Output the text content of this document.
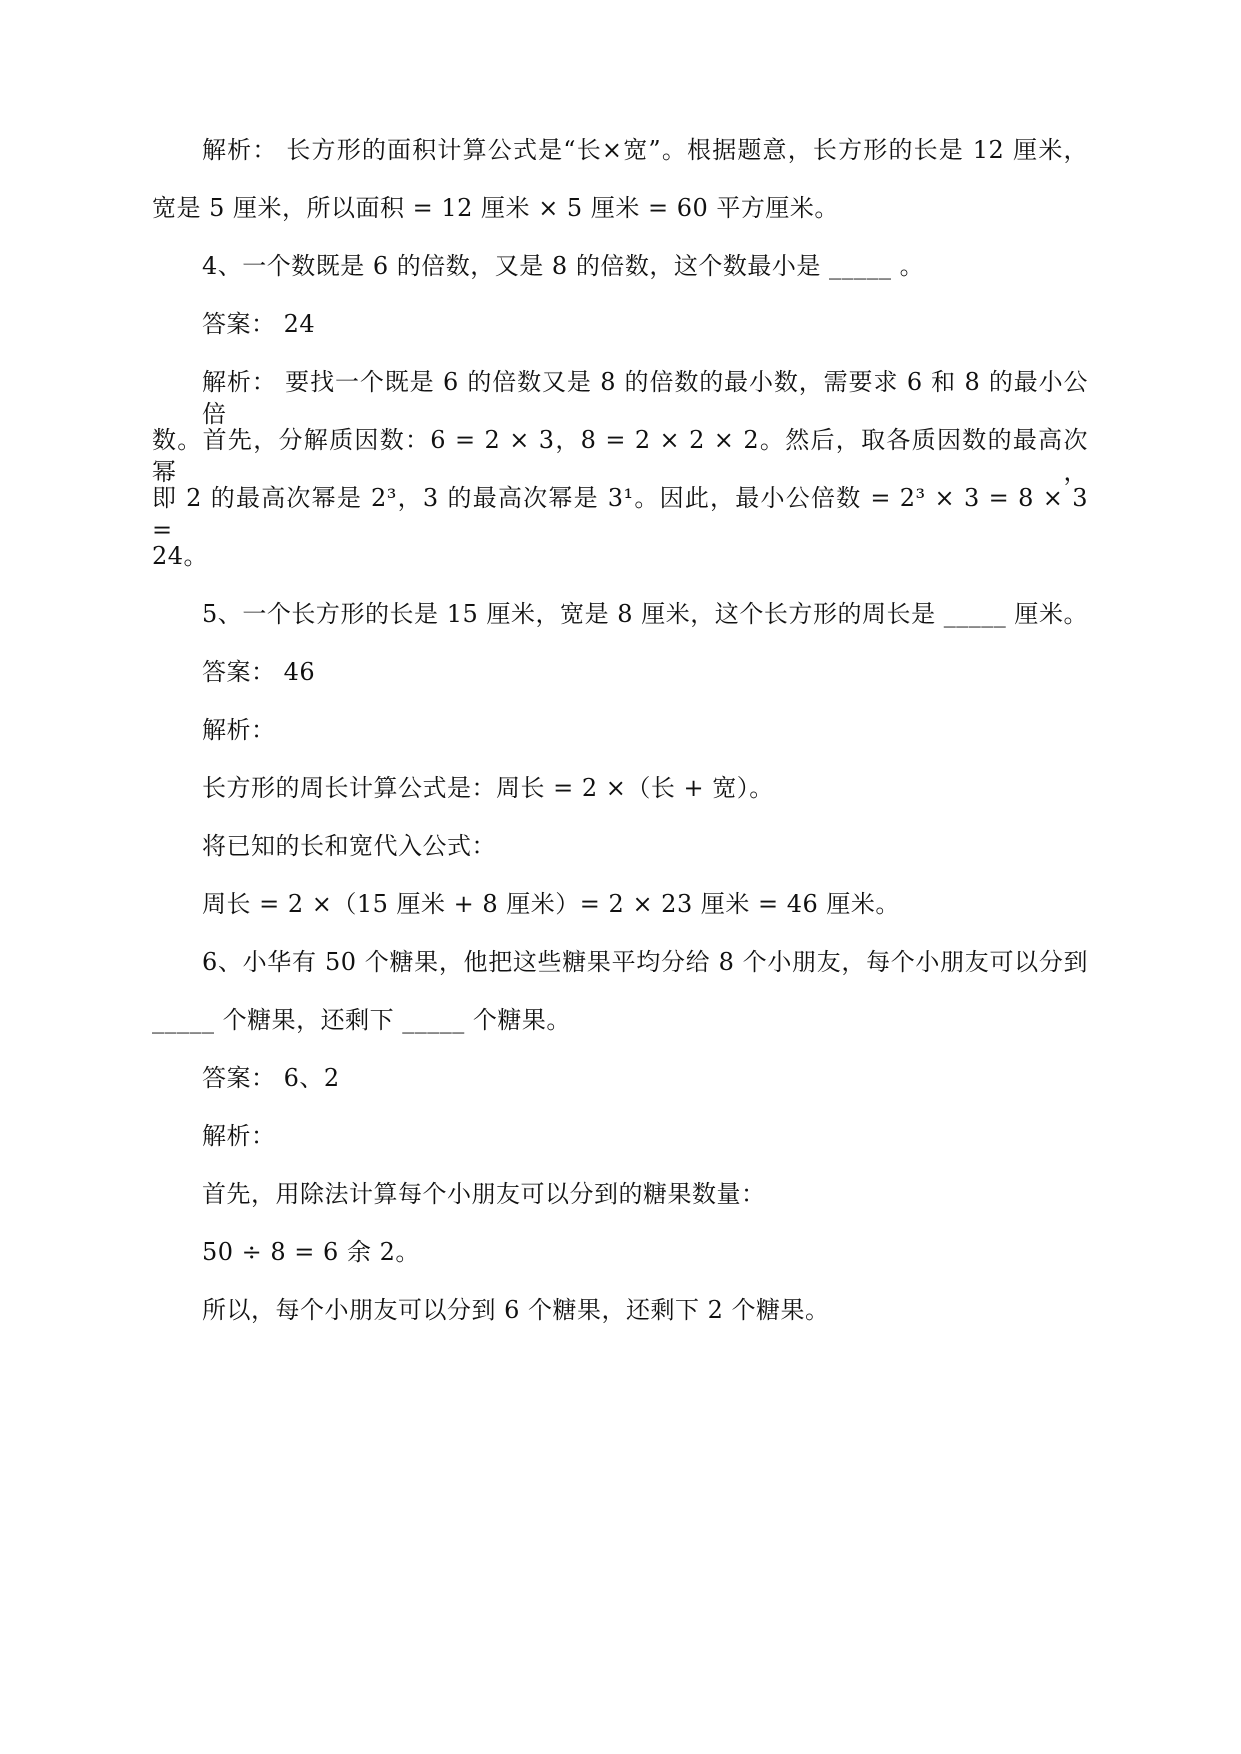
解析： 长方形的面积计算公式是“长×宽”。根据题意，长方形的长是 12 厘米，
宽是 5 厘米，所以面积 = 12 厘米 × 5 厘米 = 60 平方厘米。
4、一个数既是 6 的倍数，又是 8 的倍数，这个数最小是 _____ 。
答案： 24
解析： 要找一个既是 6 的倍数又是 8 的倍数的最小数，需要求 6 和 8 的最小公倍
数。首先，分解质因数：6 = 2 × 3，8 = 2 × 2 × 2。然后，取各质因数的最高次幂，
即 2 的最高次幂是 2³，3 的最高次幂是 3¹。因此，最小公倍数 = 2³ × 3 = 8 × 3 =
24。
5、一个长方形的长是 15 厘米，宽是 8 厘米，这个长方形的周长是 _____ 厘米。
答案： 46
解析：
长方形的周长计算公式是：周长 = 2 ×（长 + 宽）。
将已知的长和宽代入公式：
周长 = 2 ×（15 厘米 + 8 厘米）= 2 × 23 厘米 = 46 厘米。
6、小华有 50 个糖果，他把这些糖果平均分给 8 个小朋友，每个小朋友可以分到
_____ 个糖果，还剩下 _____ 个糖果。
答案： 6、2
解析：
首先，用除法计算每个小朋友可以分到的糖果数量：
50 ÷ 8 = 6 余 2。
所以，每个小朋友可以分到 6 个糖果，还剩下 2 个糖果。
